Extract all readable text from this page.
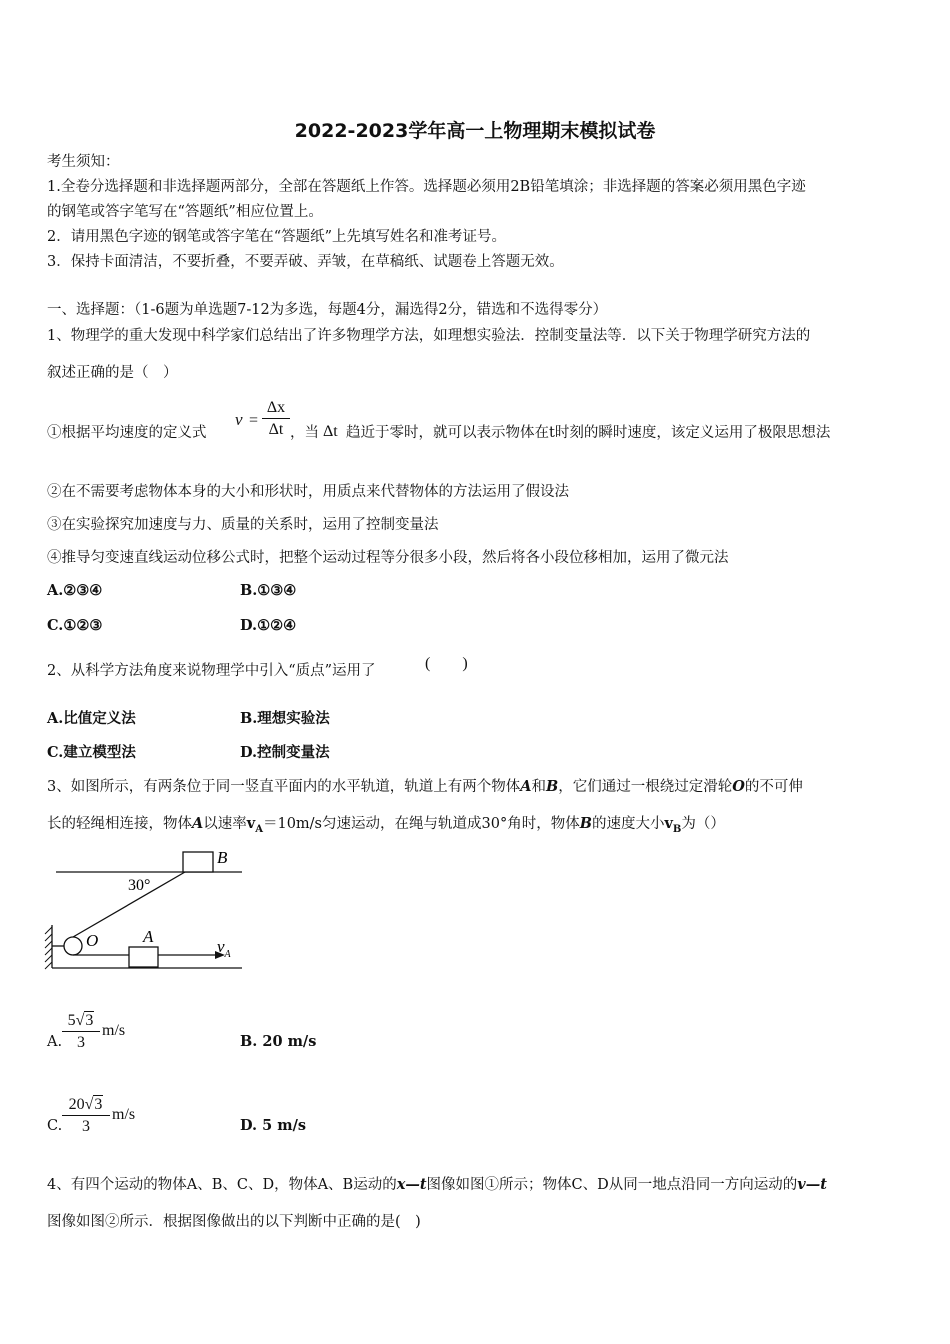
2022-2023学年高一上物理期末模拟试卷
考生须知：
1.全卷分选择题和非选择题两部分，全部在答题纸上作答。选择题必须用2B铅笔填涂；非选择题的答案必须用黑色字迹
的钢笔或答字笔写在“答题纸”相应位置上。
2．请用黑色字迹的钢笔或答字笔在“答题纸”上先填写姓名和准考证号。
3．保持卡面清洁，不要折叠，不要弄破、弄皱，在草稿纸、试题卷上答题无效。
一、选择题：（1-6题为单选题7-12为多选，每题4分，漏选得2分，错选和不选得零分）
1、物理学的重大发现中科学家们总结出了许多物理学方法，如理想实验法．控制变量法等．以下关于物理学研究方法的
叙述正确的是（　）
①根据平均速度的定义式
v =
Δx
Δt ，当 Δt 趋近于零时，就可以表示物体在t时刻的瞬时速度，该定义运用了极限思想法
②在不需要考虑物体本身的大小和形状时，用质点来代替物体的方法运用了假设法
③在实验探究加速度与力、质量的关系时，运用了控制变量法
④推导匀变速直线运动位移公式时，把整个运动过程等分很多小段，然后将各小段位移相加，运用了微元法
A.②③④	B.①③④
C.①②③	D.①②④
2、从科学方法角度来说物理学中引入“质点”运用了	(　　)
A.比值定义法	B.理想实验法
C.建立模型法	D.控制变量法
3、如图所示，有两条位于同一竖直平面内的水平轨道，轨道上有两个物体A和B，它们通过一根绕过定滑轮O的不可伸
长的轻绳相连接，物体A以速率$v_A=10m/s$匀速运动，在绳与轨道成30°角时，物体B的速度大小$v_B$为（）
B
30°
O	A
$v_A$
A.
5√3
3
m/s
B. 20 m/s
C.
20√3
3
m/s
D. 5 m/s
4、有四个运动的物体A、B、C、D，物体A、B运动的x—t图像如图①所示；物体C、D从同一地点沿同一方向运动的v—t
图像如图②所示．根据图像做出的以下判断中正确的是(　)
